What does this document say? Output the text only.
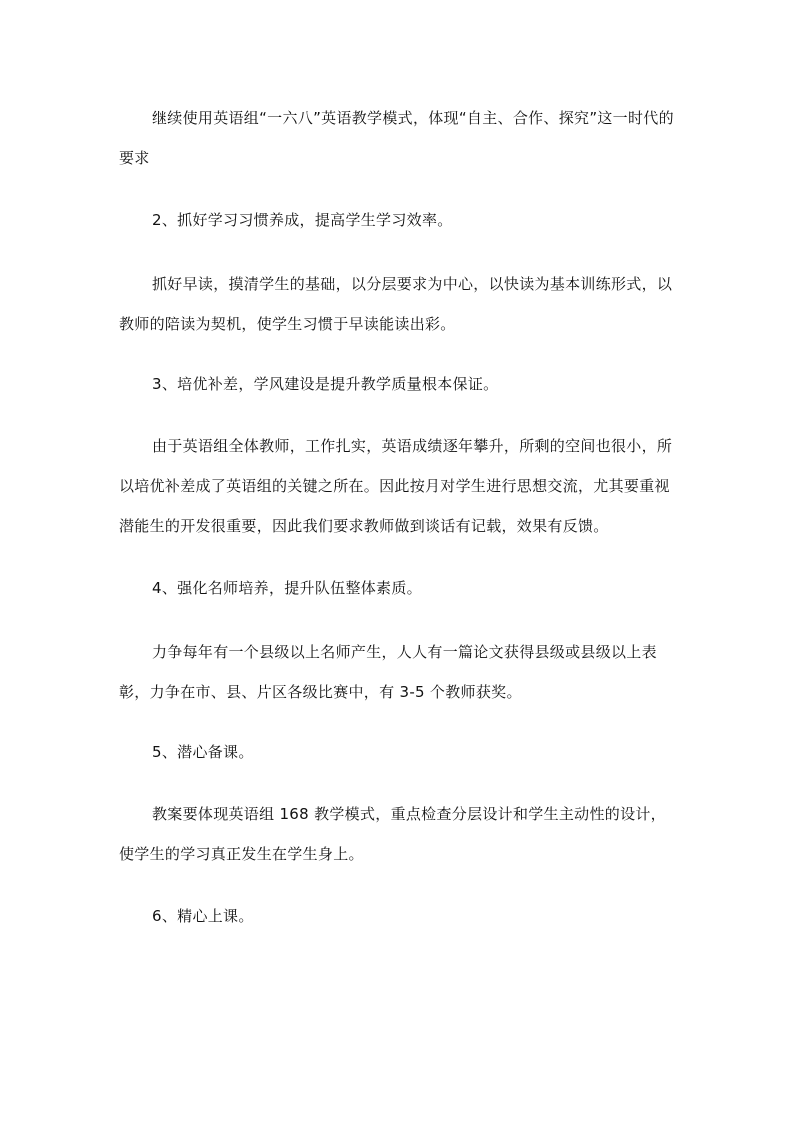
继续使用英语组“一六八”英语教学模式，体现“自主、合作、探究”这一时代的要求

2、抓好学习习惯养成，提高学生学习效率。

抓好早读，摸清学生的基础，以分层要求为中心，以快读为基本训练形式，以教师的陪读为契机，使学生习惯于早读能读出彩。

3、培优补差，学风建设是提升教学质量根本保证。

由于英语组全体教师，工作扎实，英语成绩逐年攀升，所剩的空间也很小，所以培优补差成了英语组的关键之所在。因此按月对学生进行思想交流，尤其要重视潜能生的开发很重要，因此我们要求教师做到谈话有记载，效果有反馈。

4、强化名师培养，提升队伍整体素质。

力争每年有一个县级以上名师产生，人人有一篇论文获得县级或县级以上表彰，力争在市、县、片区各级比赛中，有 3-5 个教师获奖。

5、潜心备课。

教案要体现英语组 168 教学模式，重点检查分层设计和学生主动性的设计，使学生的学习真正发生在学生身上。

6、精心上课。
